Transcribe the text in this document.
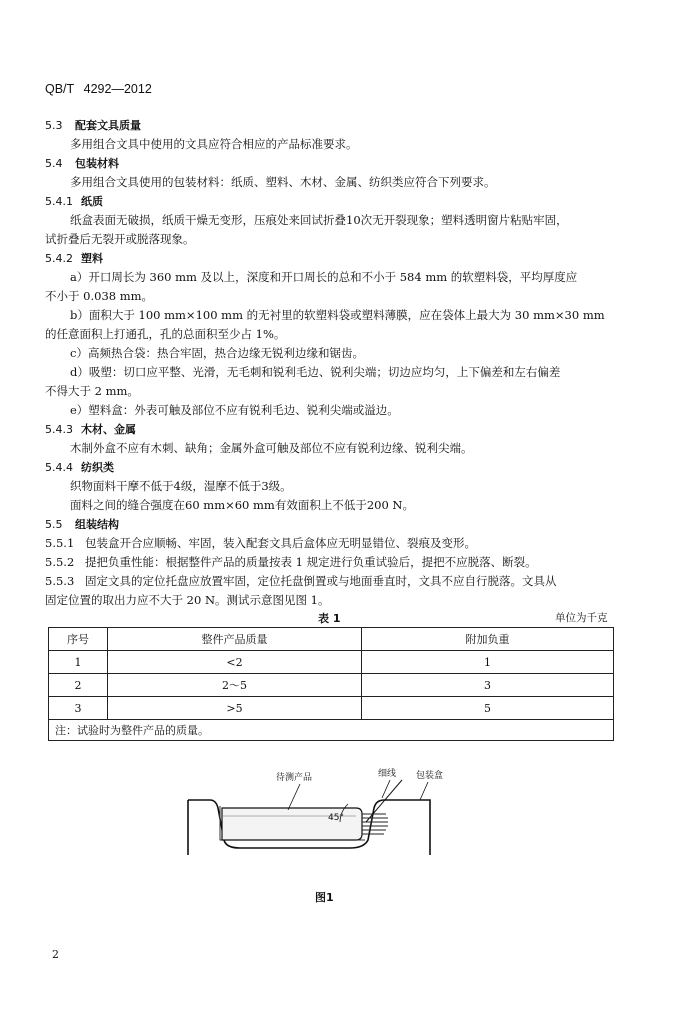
QB/T 4292—2012
5.3 配套文具质量
多用组合文具中使用的文具应符合相应的产品标准要求。
5.4 包装材料
多用组合文具使用的包装材料：纸质、塑料、木材、金属、纺织类应符合下列要求。
5.4.1 纸质
纸盒表面无破损，纸质干燥无变形，压痕处来回试折叠10次无开裂现象；塑料透明窗片粘贴牢固，
试折叠后无裂开或脱落现象。
5.4.2 塑料
a）开口周长为 360 mm 及以上，深度和开口周长的总和不小于 584 mm 的软塑料袋，平均厚度应
不小于 0.038 mm。
b）面积大于 100 mm×100 mm 的无衬里的软塑料袋或塑料薄膜，应在袋体上最大为 30 mm×30 mm
的任意面积上打通孔，孔的总面积至少占 1%。
c）高频热合袋：热合牢固，热合边缘无锐利边缘和锯齿。
d）吸塑：切口应平整、光滑，无毛刺和锐利毛边、锐利尖端；切边应均匀，上下偏差和左右偏差
不得大于 2 mm。
e）塑料盒：外表可触及部位不应有锐利毛边、锐利尖端或溢边。
5.4.3 木材、金属
木制外盒不应有木刺、缺角；金属外盒可触及部位不应有锐利边缘、锐利尖端。
5.4.4 纺织类
织物面料干摩不低于4级，湿摩不低于3级。
面料之间的缝合强度在60 mm×60 mm有效面积上不低于200 N。
5.5 组装结构
5.5.1 包装盒开合应顺畅、牢固，装入配套文具后盒体应无明显错位、裂痕及变形。
5.5.2 提把负重性能：根据整件产品的质量按表 1 规定进行负重试验后，提把不应脱落、断裂。
5.5.3 固定文具的定位托盘应放置牢固，定位托盘倒置或与地面垂直时，文具不应自行脱落。文具从
固定位置的取出力应不大于 20 N。测试示意图见图 1。
表 1	单位为千克
序号	整件产品质量	附加负重
1	<2	1
2	2～5	3
3	>5	5
注：试验时为整件产品的质量。		
45°
待测产品	细线 包装盒
图1
2
